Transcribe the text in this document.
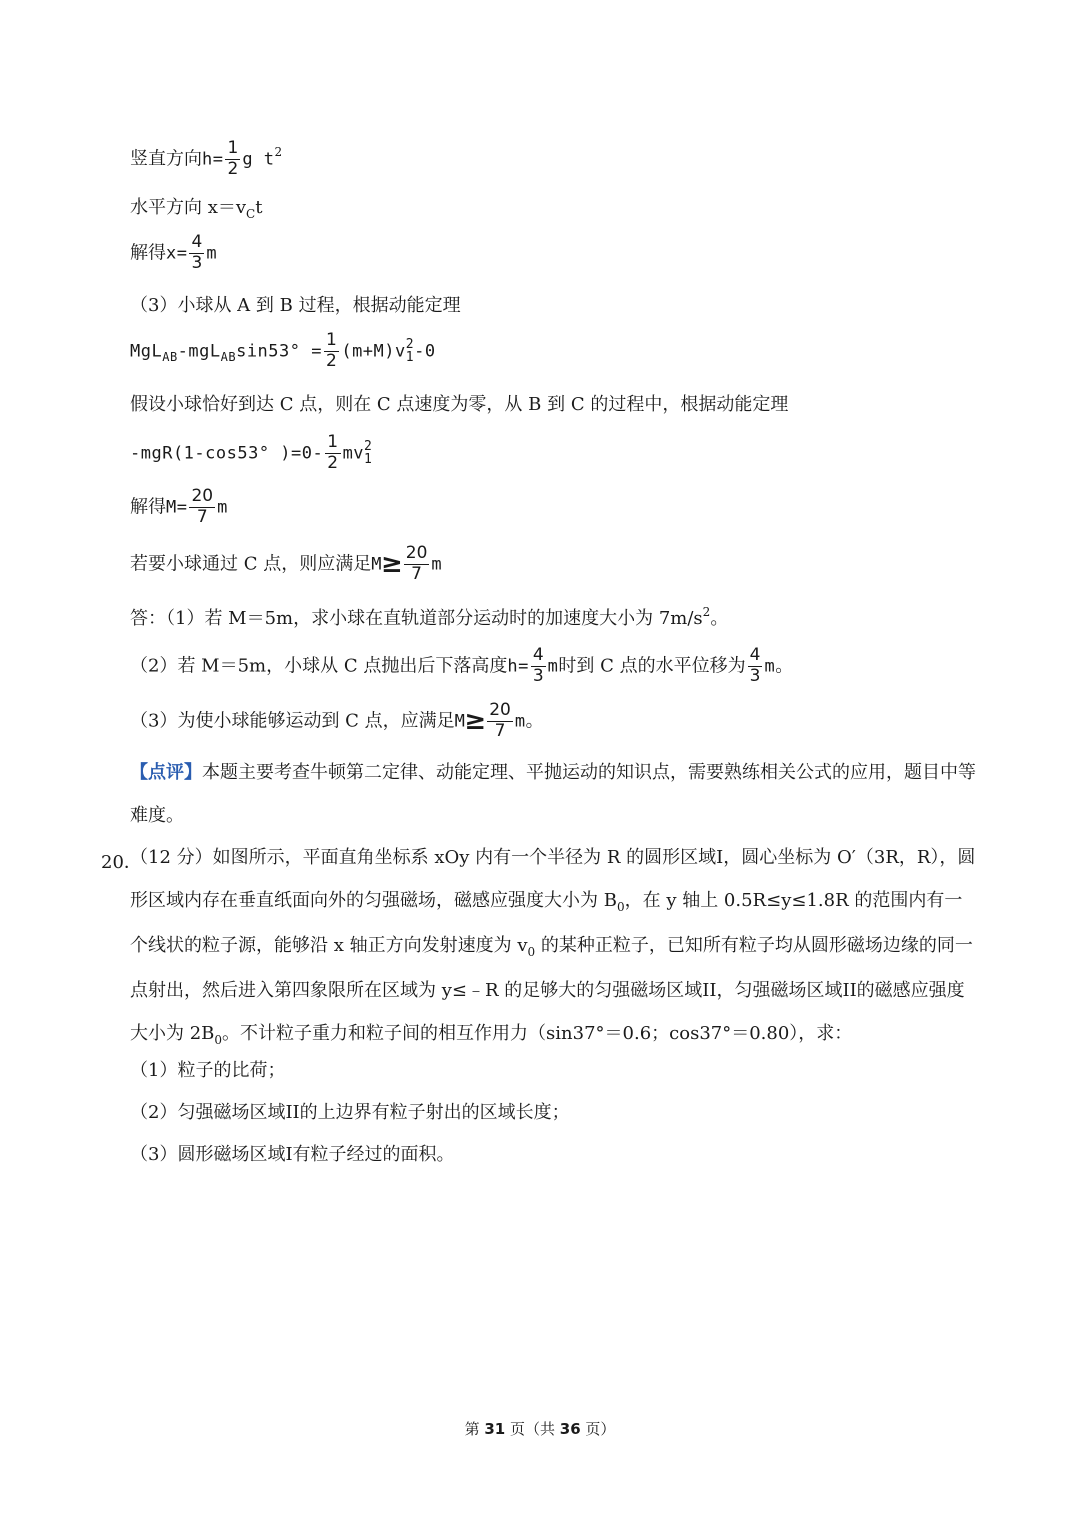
竖直方向$h= \frac{1}{2}$ g $t^2$
水平方向 $x=v_Ct$
解得$x= \frac{4}{3}$ m
（3）小球从 A 到 B 过程，根据动能定理
$MgL_{AB}-mgL_{AB}\sin 53^\circ = \frac{1}{2} (m+M)v$ 2
1 -0
假设小球恰好到达 C 点，则在 C 点速度为零，从 B 到 C 的过程中，根据动能定理
-mgR(1-cos53° )$=0- \frac{1}{2}$ mv 2
1
解得$M= \frac{20}{7}$ m
若要小球通过 C 点，则应满足$M\ge \frac{20}{7}$ m
答：（1）若 M＝5m，求小球在直轨道部分运动时的加速度大小为 $7m/s^2$。
（2）若 M＝5m，小球从 C 点抛出后下落高度$h= \frac{4}{3}$ m时到 C 点的水平位移为 $\frac{4}{3}$ m。
（3）为使小球能够运动到 C 点，应满足$M\ge \frac{20}{7}$ m。
【点评】本题主要考查牛顿第二定律、动能定理、平抛运动的知识点，需要熟练相关公式的应用，题目中等难度。
20．
（12 分）如图所示，平面直角坐标系 xOy 内有一个半径为 R 的圆形区域I，圆心坐标为 O′（3R，R），圆形区域内存在垂直纸面向外的匀强磁场，磁感应强度大小为 $B_0$，在 y 轴上 0.5R≤y≤1.8R 的范围内有一个线状的粒子源，能够沿 x 轴正方向发射速度为 $v_0$ 的某种正粒子，已知所有粒子均从圆形磁场边缘的同一点射出，然后进入第四象限所在区域为 y≤﹣R 的足够大的匀强磁场区域II，匀强磁场区域II的磁感应强度大小为 $2B_0$。不计粒子重力和粒子间的相互作用力（sin37°＝0.6；cos37°＝0.80），求：
（1）粒子的比荷；
（2）匀强磁场区域II的上边界有粒子射出的区域长度；
（3）圆形磁场区域I有粒子经过的面积。
第 31 页（共 36 页）
